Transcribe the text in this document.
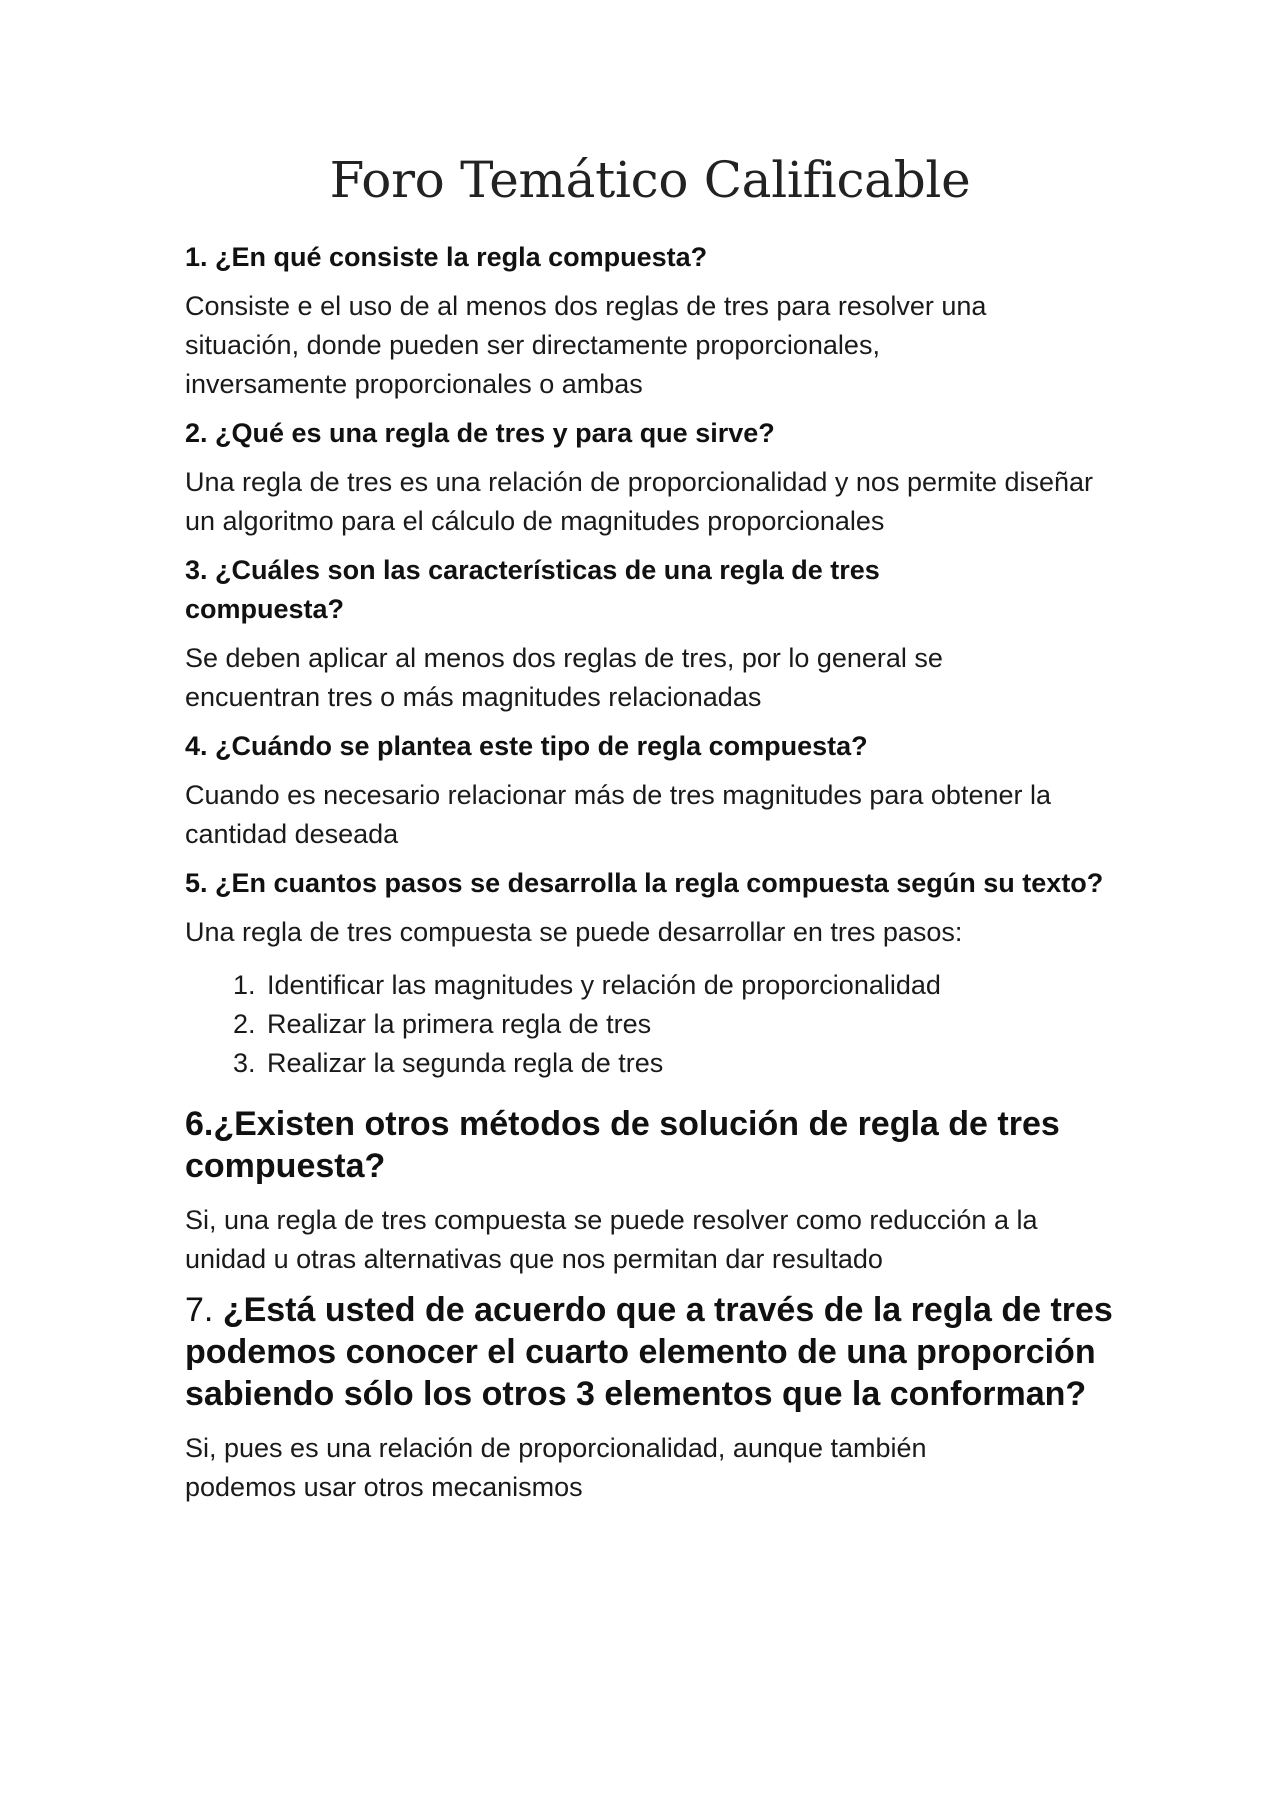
Foro Temático Calificable

1. ¿En qué consiste la regla compuesta?

Consiste e el uso de al menos dos reglas de tres para resolver una situación, donde pueden ser directamente proporcionales, inversamente proporcionales o ambas

2. ¿Qué es una regla de tres y para que sirve?

Una regla de tres es una relación de proporcionalidad y nos permite diseñar un algoritmo para el cálculo de magnitudes proporcionales

3. ¿Cuáles son las características de una regla de tres compuesta?

Se deben aplicar al menos dos reglas de tres, por lo general se encuentran tres o más magnitudes relacionadas

4. ¿Cuándo se plantea este tipo de regla compuesta?

Cuando es necesario relacionar más de tres magnitudes para obtener la cantidad deseada

5. ¿En cuantos pasos se desarrolla la regla compuesta según su texto?

Una regla de tres compuesta se puede desarrollar en tres pasos:

1. Identificar las magnitudes y relación de proporcionalidad
2. Realizar la primera regla de tres
3. Realizar la segunda regla de tres

6.¿Existen otros métodos de solución de regla de tres compuesta?

Si, una regla de tres compuesta se puede resolver como reducción a la unidad u otras alternativas que nos permitan dar resultado

7. ¿Está usted de acuerdo que a través de la regla de tres podemos conocer el cuarto elemento de una proporción sabiendo sólo los otros 3 elementos que la conforman?

Si, pues es una relación de proporcionalidad, aunque también podemos usar otros mecanismos
